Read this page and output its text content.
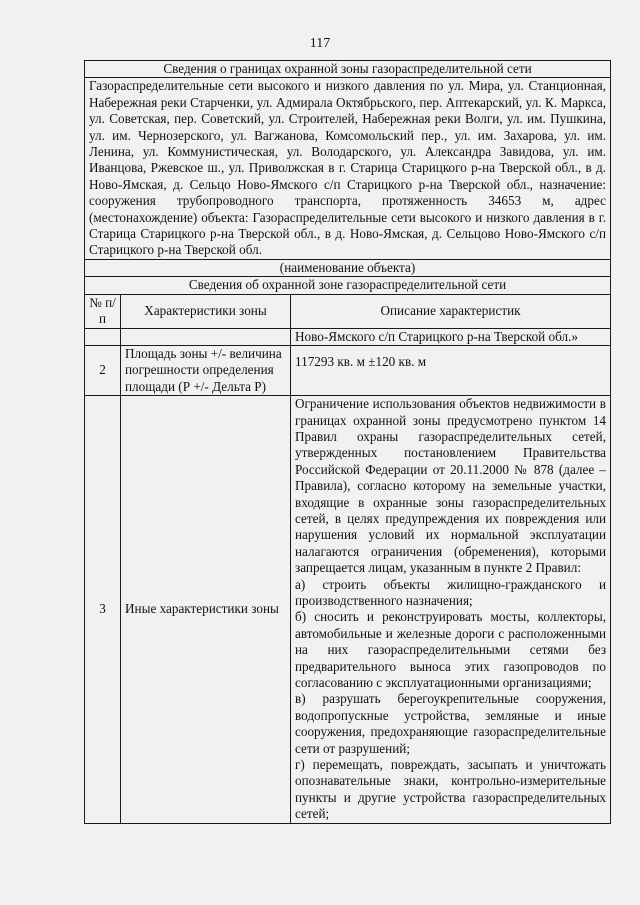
117
Сведения о границах охранной зоны газораспределительной сети		
Газораспределительные сети высокого и низкого давления по ул. Мира, ул. Станционная, Набережная реки Старченки, ул. Адмирала Октябрьского, пер. Аптекарский, ул. К. Маркса, ул. Советская, пер. Советский, ул. Строителей, Набережная реки Волги, ул. им. Пушкина, ул. им. Чернозерского, ул. Вагжанова, Комсомольский пер., ул. им. Захарова, ул. им. Ленина, ул. Коммунистическая, ул. Володарского, ул. Александра Завидова, ул. им. Иванцова, Ржевское ш., ул. Приволжская в г. Старица Старицкого р-на Тверской обл., в д. Ново-Ямская, д. Сельцо Ново-Ямского с/п Старицкого р-на Тверской обл., назначение: сооружения трубопроводного транспорта, протяженность 34653 м, адрес (местонахождение) объекта: Газораспределительные сети высокого и низкого давления в г. Старица Старицкого р-на Тверской обл., в д. Ново-Ямская, д. Сельцово Ново-Ямского с/п Старицкого р-на Тверской обл.		
(наименование объекта)		
Сведения об охранной зоне газораспределительной сети		
№ п/п	Характеристики зоны	Описание характеристик
		Ново-Ямского с/п Старицкого р-на Тверской обл.»
2	Площадь зоны +/- величина погрешности определения площади (Р +/- Дельта Р)	117293 кв. м ±120 кв. м
3	Иные характеристики зоны	Ограничение использования объектов недвижимости в границах охранной зоны предусмотрено пунктом 14 Правил охраны газораспределительных сетей, утвержденных постановлением Правительства Российской Федерации от 20.11.2000 № 878 (далее – Правила), согласно которому на земельные участки, входящие в охранные зоны газораспределительных сетей, в целях предупреждения их повреждения или нарушения условий их нормальной эксплуатации налагаются ограничения (обременения), которыми запрещается лицам, указанным в пункте 2 Правил:

а) строить объекты жилищно-гражданского и производственного назначения;

б) сносить и реконструировать мосты, коллекторы, автомобильные и железные дороги с расположенными на них газораспределительными сетями без предварительного выноса этих газопроводов по согласованию с эксплуатационными организациями;

в) разрушать берегоукрепительные сооружения, водопропускные устройства, земляные и иные сооружения, предохраняющие газораспределительные сети от разрушений;

г) перемещать, повреждать, засыпать и уничтожать опознавательные знаки, контрольно-измерительные пункты и другие устройства газораспределительных сетей;
